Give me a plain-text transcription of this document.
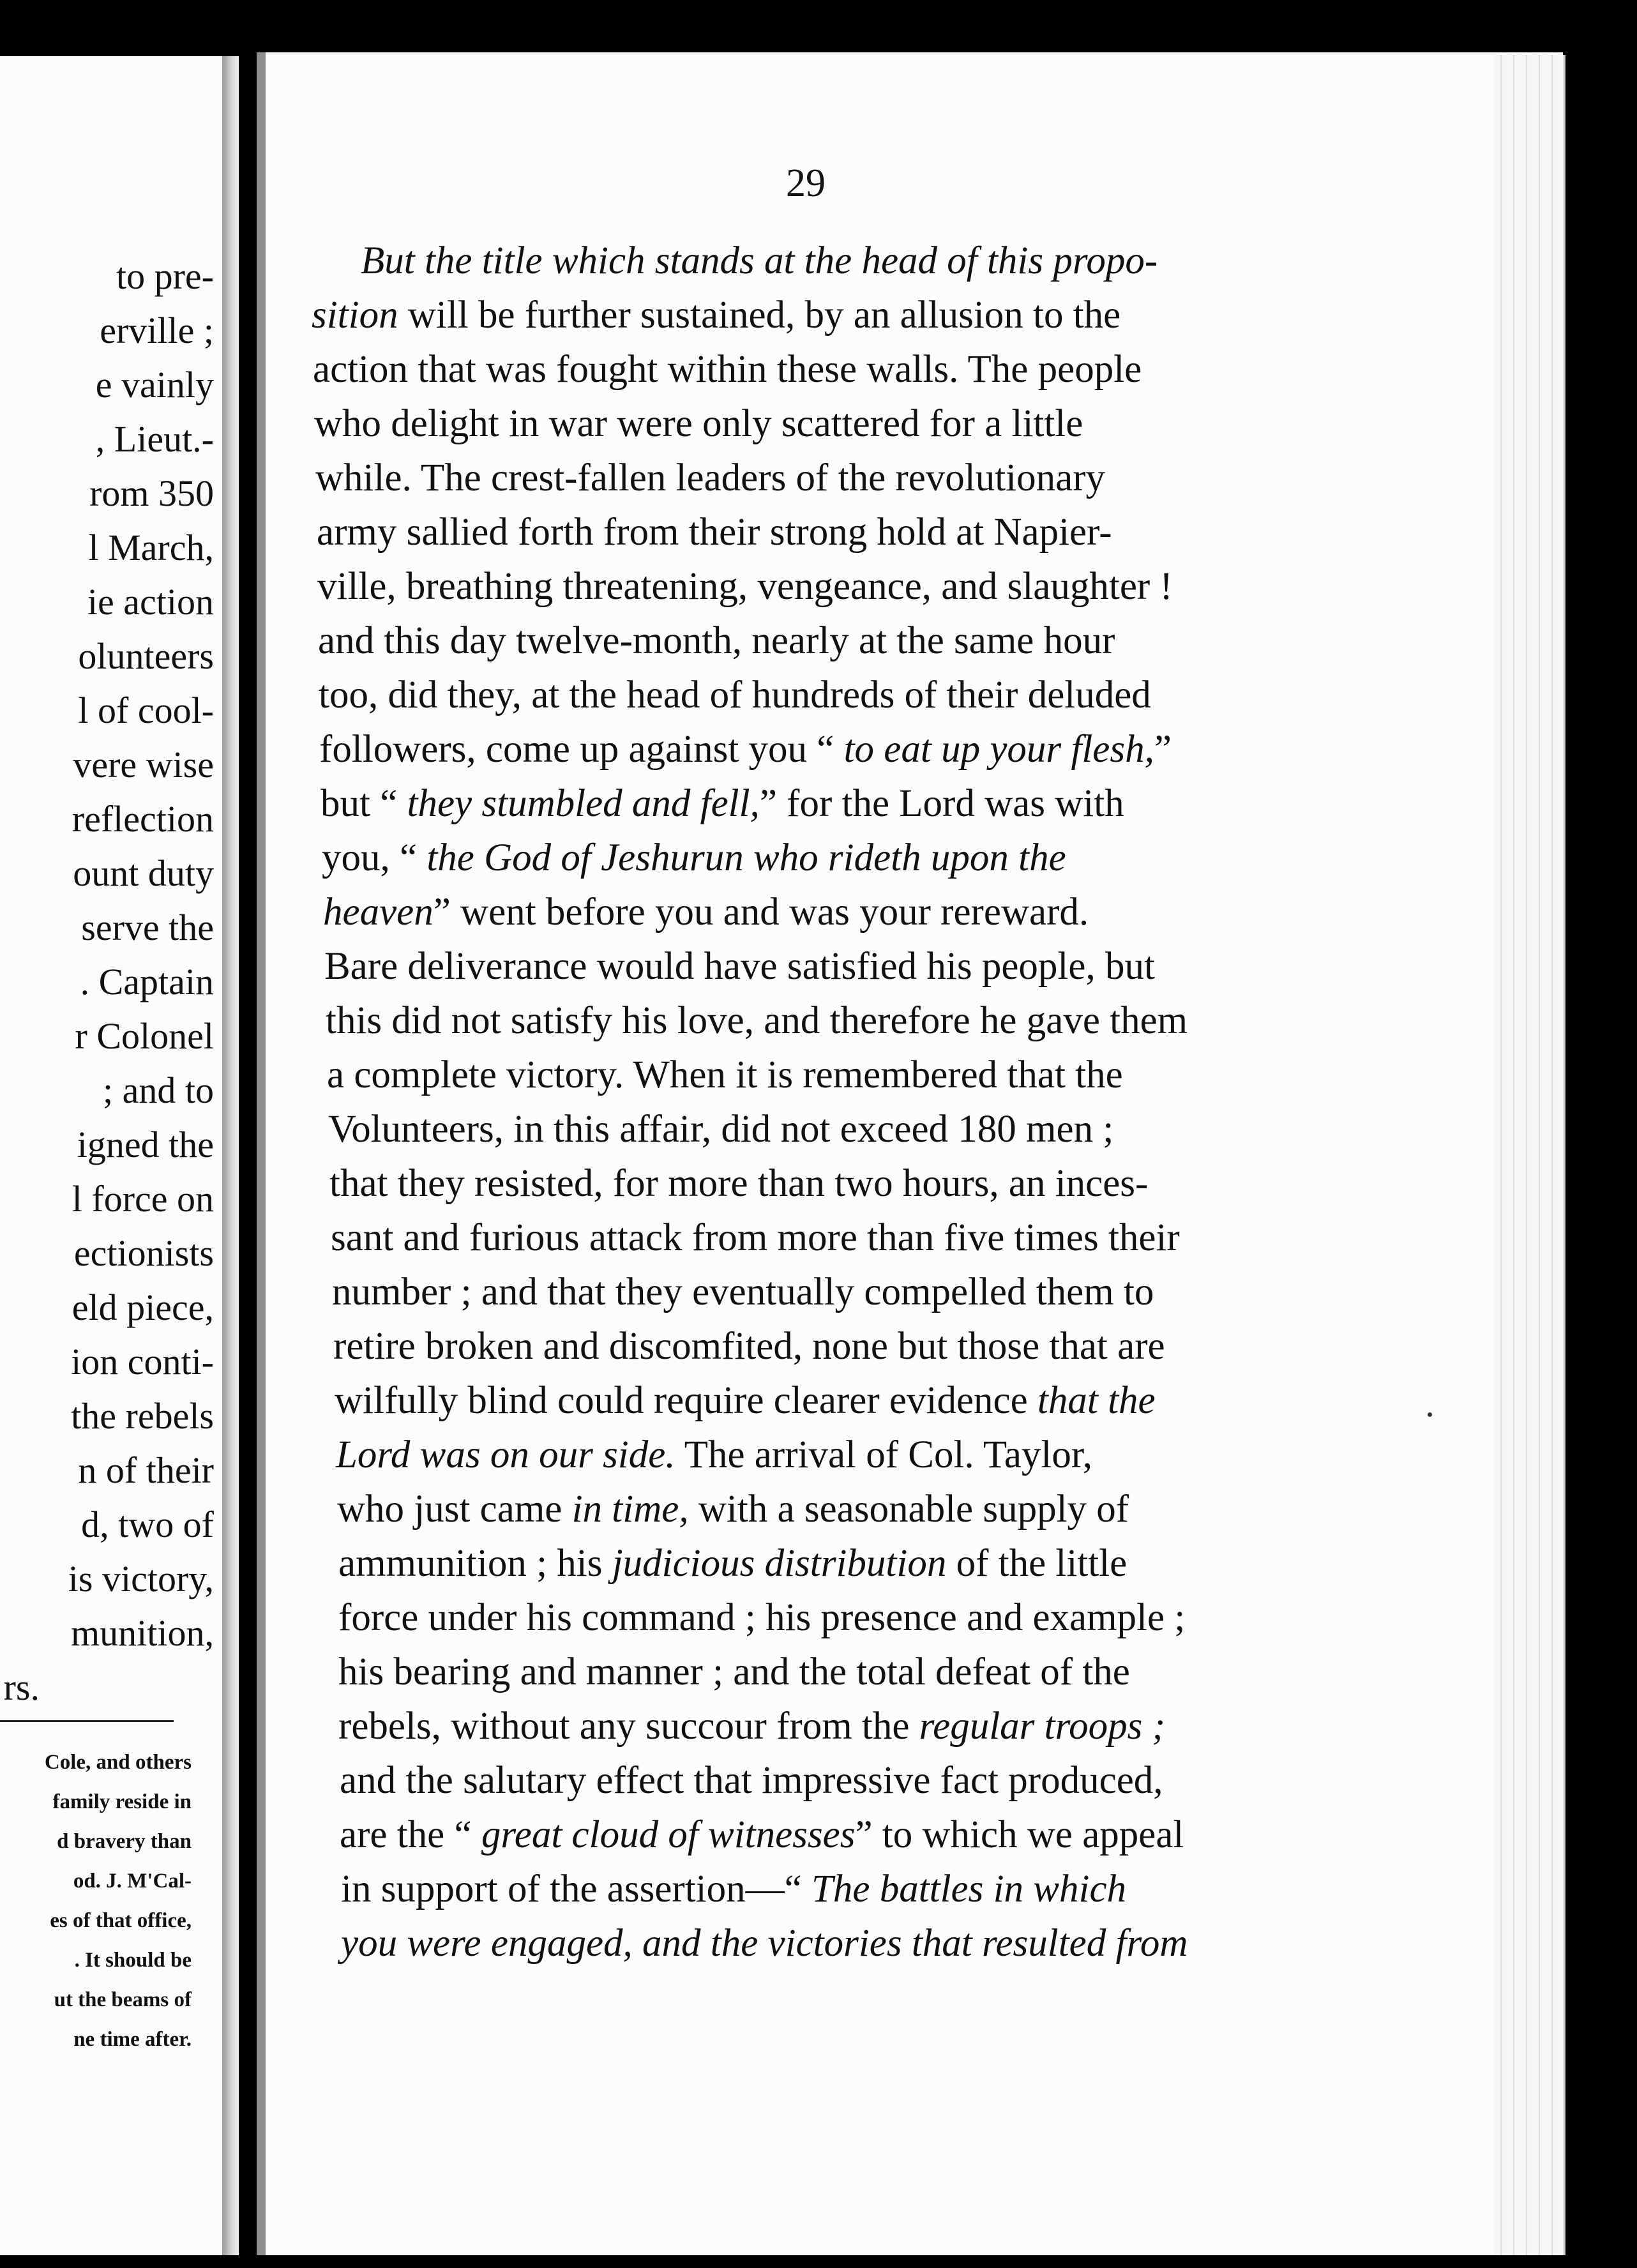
to pre-
erville ;
e vainly
, Lieut.-
rom 350
l March,
ie action
olunteers
l of cool-
vere wise
reflection
ount duty
serve the
. Captain
r Colonel
; and to
igned the
l force on
ectionists
eld piece,
ion conti-
the rebels
n of their
d, two of
is victory,
munition,
rs.
Cole, and others
family reside in
d bravery than
od. J. M'Cal-
es of that office,
. It should be
ut the beams of
ne time after.
29
But the title which stands at the head of this propo-
sition will be further sustained, by an allusion to the
action that was fought within these walls. The people
who delight in war were only scattered for a little
while. The crest-fallen leaders of the revolutionary
army sallied forth from their strong hold at Napier-
ville, breathing threatening, vengeance, and slaughter !
and this day twelve-month, nearly at the same hour
too, did they, at the head of hundreds of their deluded
followers, come up against you “ to eat up your flesh,”
but “ they stumbled and fell,” for the Lord was with
you, “ the God of Jeshurun who rideth upon the
heaven” went before you and was your rereward.
Bare deliverance would have satisfied his people, but
this did not satisfy his love, and therefore he gave them
a complete victory. When it is remembered that the
Volunteers, in this affair, did not exceed 180 men ;
that they resisted, for more than two hours, an inces-
sant and furious attack from more than five times their
number ; and that they eventually compelled them to
retire broken and discomfited, none but those that are
wilfully blind could require clearer evidence that the
Lord was on our side. The arrival of Col. Taylor,
who just came in time, with a seasonable supply of
ammunition ; his judicious distribution of the little
force under his command ; his presence and example ;
his bearing and manner ; and the total defeat of the
rebels, without any succour from the regular troops ;
and the salutary effect that impressive fact produced,
are the “ great cloud of witnesses” to which we appeal
in support of the assertion—“ The battles in which
you were engaged, and the victories that resulted from
